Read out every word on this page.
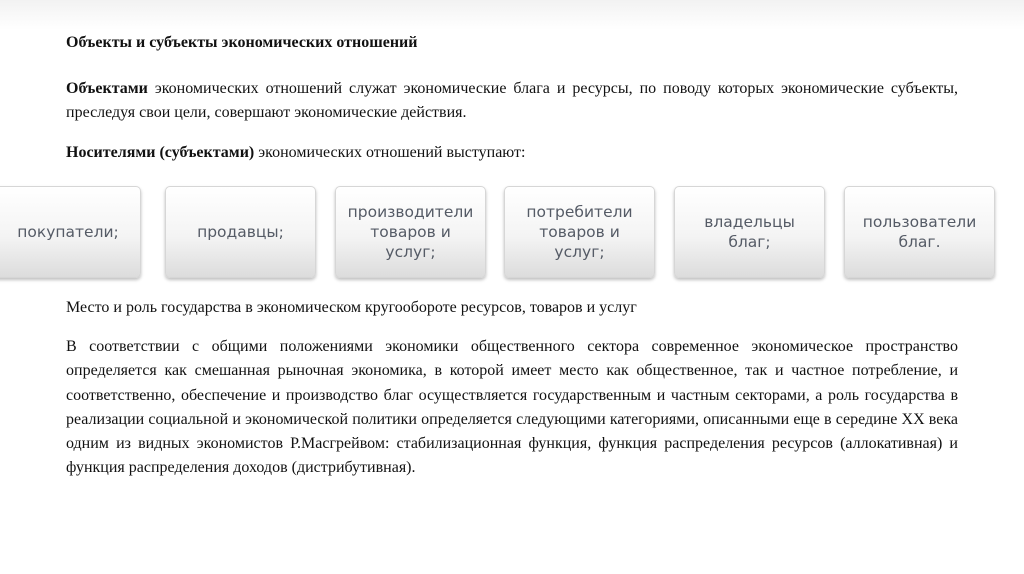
Объекты и субъекты экономических отношений
Объектами экономических отношений служат экономические блага и ресурсы, по поводу которых экономические субъекты, преследуя свои цели, совершают экономические действия.
Носителями (субъектами) экономических отношений выступают:
покупатели;	продавцы;
производители
товаров и
услуг;
потребители
товаров и
услуг;
владельцы
благ;
пользователи
благ.
Место и роль государства в экономическом кругообороте ресурсов, товаров и услуг
В соответствии с общими положениями экономики общественного сектора современное экономическое пространство определяется как смешанная рыночная экономика, в которой имеет место как общественное, так и частное потребление, и соответственно, обеспечение и производство благ осуществляется государственным и частным секторами, а роль государства в реализации социальной и экономической политики определяется следующими категориями, описанными еще в середине XX века одним из видных экономистов Р.Масгрейвом: стабилизационная функция, функция распределения ресурсов (аллокативная) и функция распределения доходов (дистрибутивная).
